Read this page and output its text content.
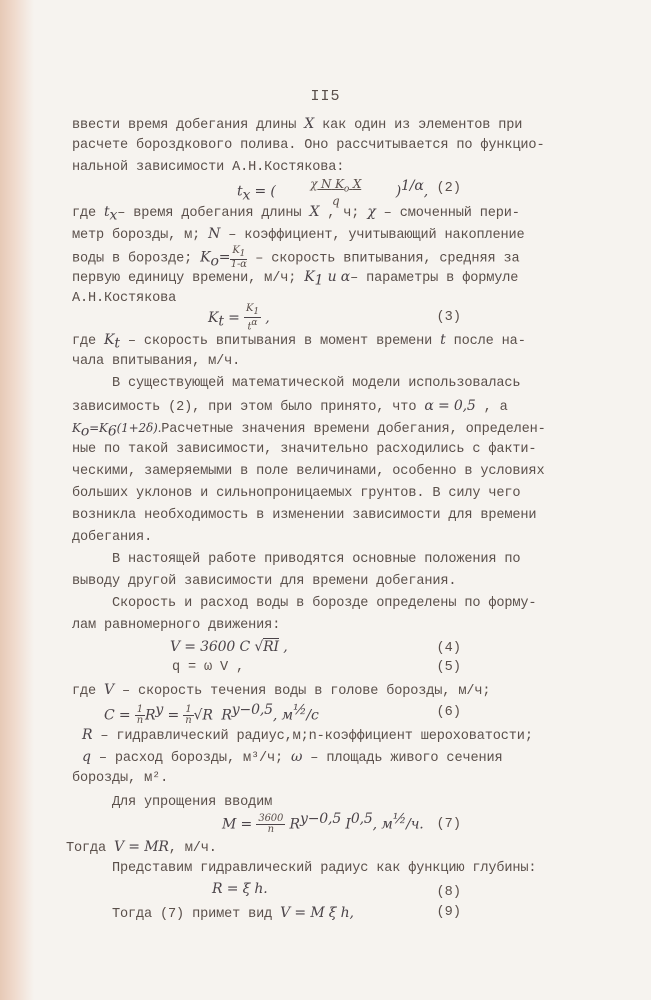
II5
ввести время добегания длины X как один из элементов при
расчете бороздкового полива. Оно рассчитывается по функцио-
нальной зависимости А.Н.Костякова:
$t_x$ = ( $\frac{\chi N K_o X}{q} )^{1/\alpha}$, (2)
где $t_x-$ время добегания длины X , ч; χ – смоченный пери-
метр борозды, м; N – коэффициент, учитывающий накопление
воды в борозде; $K_o= \frac{K_1}{1-\alpha}$ – скорость впитывания, средняя за
первую единицу времени, м/ч; $K_1$ и α– параметры в формуле
А.Н.Костякова
$K_t = \frac{K_1}{t^\alpha}$ ,	(3)
где $K_t$ – скорость впитывания в момент времени t после на-
чала впитывания, м/ч.
В существующей математической модели использовалась
зависимость (2), при этом было принято, что α = 0,5 , а
$K_o=K_6(1+2\delta).Расчетные$ значения времени добегания, определен-
ные по такой зависимости, значительно расходились с факти-
ческими, замеряемыми в поле величинами, особенно в условиях
больших уклонов и сильнопроницаемых грунтов. В силу чего
возникла необходимость в изменении зависимости для времени
добегания.
В настоящей работе приводятся основные положения по
выводу другой зависимости для времени добегания.
Скорость и расход воды в борозде определены по форму-
лам равномерного движения:
V = 3600 C √RI ,	(4)
q = ω V ,	(5)
где V – скорость течения воды в голове борозды, м/ч;
$C = \frac{1}{n} R^y = \frac{1}{n} √R$ $R^{y-0,5}$, $м^{\frac{1}{2}}/c$	(6)
R – гидравлический радиус,м;n-коэффициент шероховатости;
q – расход борозды, м³/ч; ω – площадь живого сечения
борозды, м².
Для упрощения вводим
$M = \frac{3600}{n} R^{y-0,5}$ I$^{0,5}$, $м^{\frac{1}{2}}/ч$. (7)
Тогда V = MR, м/ч.
Представим гидравлический радиус как функцию глубины:
R = ξ h.	(8)
Тогда (7) примет вид V = M ξ h,	(9)
